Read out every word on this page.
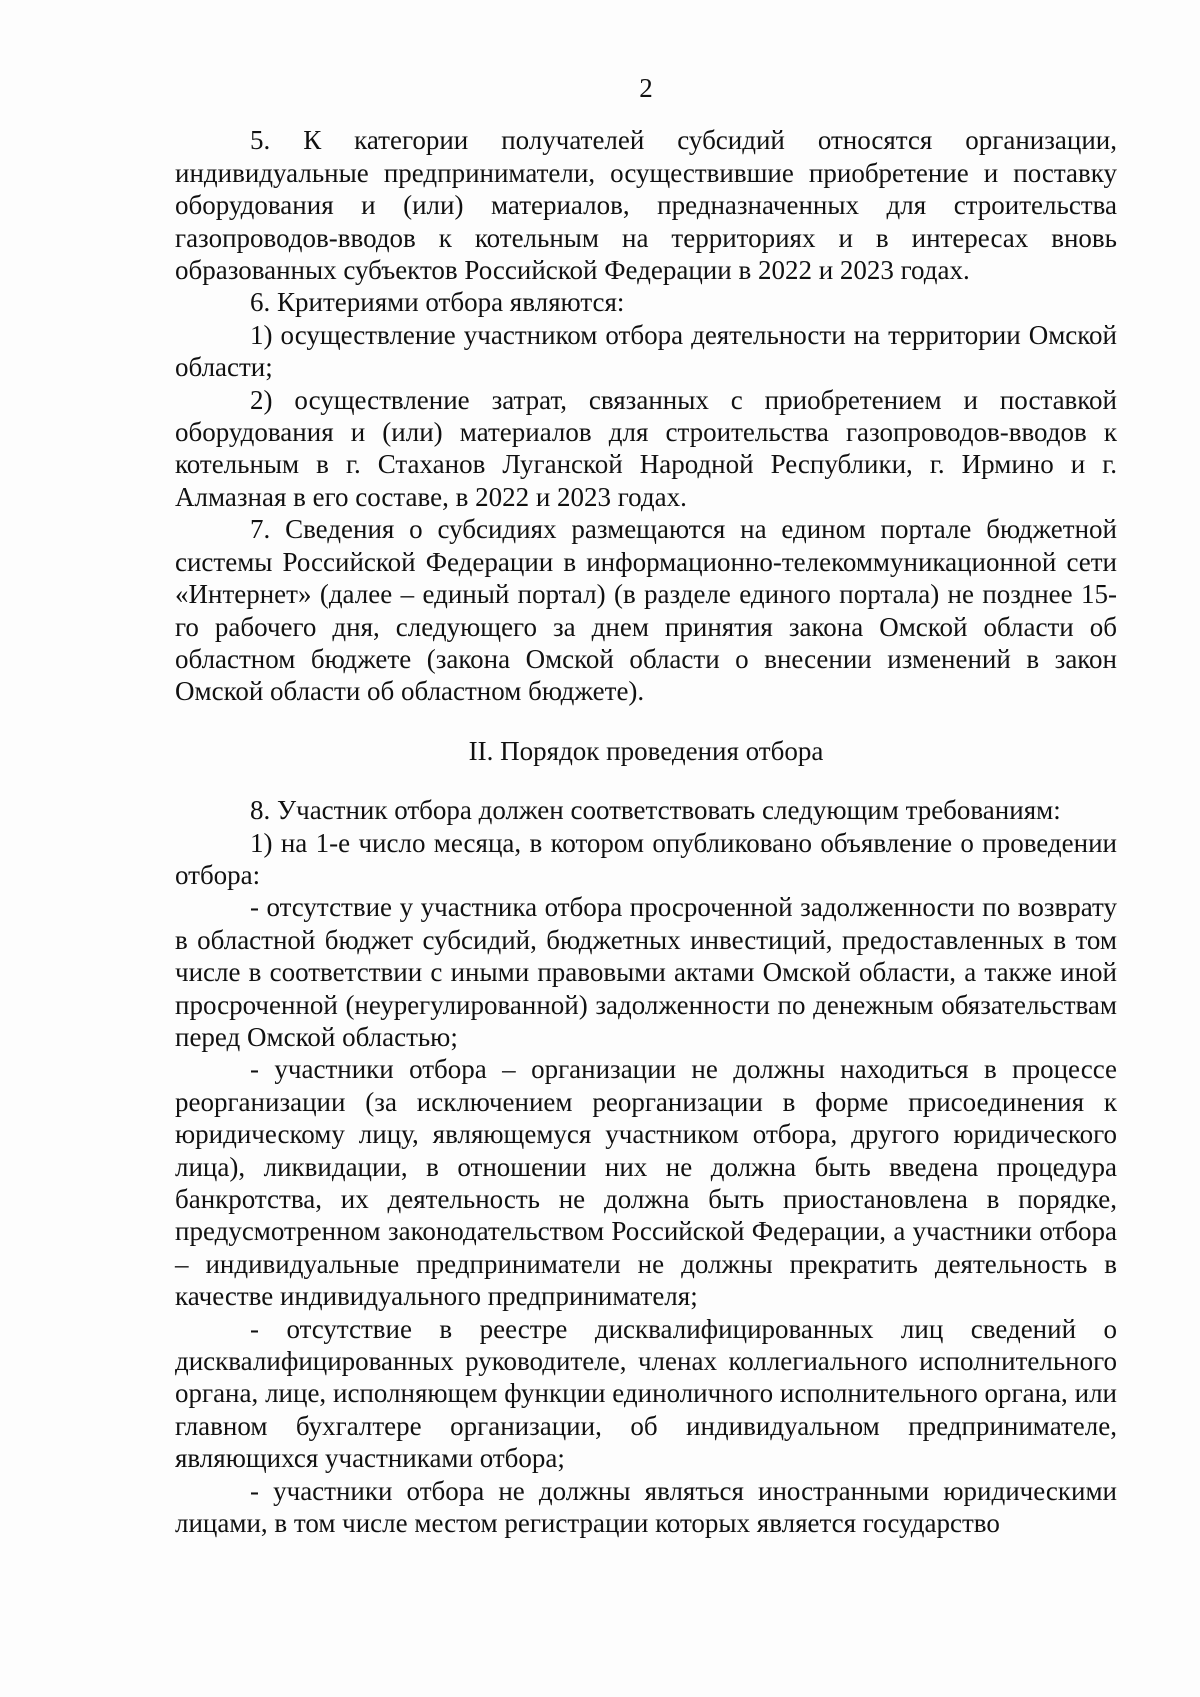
2

5. К категории получателей субсидий относятся организации, индивидуальные предприниматели, осуществившие приобретение и поставку оборудования и (или) материалов, предназначенных для строительства газопроводов-вводов к котельным на территориях и в интересах вновь образованных субъектов Российской Федерации в 2022 и 2023 годах.

6. Критериями отбора являются:

1) осуществление участником отбора деятельности на территории Омской области;

2) осуществление затрат, связанных с приобретением и поставкой оборудования и (или) материалов для строительства газопроводов-вводов к котельным в г. Стаханов Луганской Народной Республики, г. Ирмино и г. Алмазная в его составе, в 2022 и 2023 годах.

7. Сведения о субсидиях размещаются на едином портале бюджетной системы Российской Федерации в информационно-телекоммуникационной сети «Интернет» (далее – единый портал) (в разделе единого портала) не позднее 15-го рабочего дня, следующего за днем принятия закона Омской области об областном бюджете (закона Омской области о внесении изменений в закон Омской области об областном бюджете).

II. Порядок проведения отбора

8. Участник отбора должен соответствовать следующим требованиям:

1) на 1-е число месяца, в котором опубликовано объявление о проведении отбора:

- отсутствие у участника отбора просроченной задолженности по возврату в областной бюджет субсидий, бюджетных инвестиций, предоставленных в том числе в соответствии с иными правовыми актами Омской области, а также иной просроченной (неурегулированной) задолженности по денежным обязательствам перед Омской областью;

- участники отбора – организации не должны находиться в процессе реорганизации (за исключением реорганизации в форме присоединения к юридическому лицу, являющемуся участником отбора, другого юридического лица), ликвидации, в отношении них не должна быть введена процедура банкротства, их деятельность не должна быть приостановлена в порядке, предусмотренном законодательством Российской Федерации, а участники отбора – индивидуальные предприниматели не должны прекратить деятельность в качестве индивидуального предпринимателя;

- отсутствие в реестре дисквалифицированных лиц сведений о дисквалифицированных руководителе, членах коллегиального исполнительного органа, лице, исполняющем функции единоличного исполнительного органа, или главном бухгалтере организации, об индивидуальном предпринимателе, являющихся участниками отбора;

- участники отбора не должны являться иностранными юридическими лицами, в том числе местом регистрации которых является государство
